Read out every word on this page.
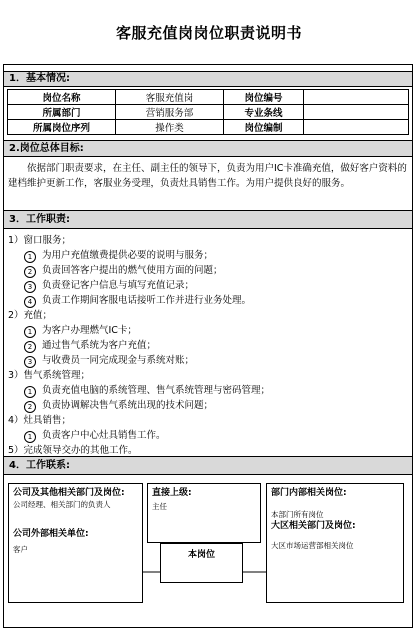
客服充值岗岗位职责说明书
1．基本情况:
岗位名称	客服充值岗	岗位编号	
所属部门	营销服务部	专业条线	
所属岗位序列	操作类	岗位编制	
2.岗位总体目标:
依据部门职责要求，在主任、副主任的领导下，负责为用户IC卡准确充值，做好客户资料的建档维护更新工作，客服业务受理，负责灶具销售工作。为用户提供良好的服务。
3．工作职责:
1）窗口服务；
1 为用户充值缴费提供必要的说明与服务；
2 负责回答客户提出的燃气使用方面的问题；
3 负责登记客户信息与填写充值记录；
4 负责工作期间客服电话接听工作并进行业务处理。
2）充值；
1 为客户办理燃气IC卡；
2 通过售气系统为客户充值；
3 与收费员一同完成现金与系统对账；
3）售气系统管理；
1 负责充值电脑的系统管理、售气系统管理与密码管理；
2 负责协调解决售气系统出现的技术问题；
4）灶具销售；
1 负责客户中心灶具销售工作。
5）完成领导交办的其他工作。
4．工作联系:
公司及其他相关部门及岗位:
公司经理、相关部门的负责人
公司外部相关单位:
客户
直接上级:
主任
部门内部相关岗位:
本部门所有岗位
大区相关部门及岗位:
大区市场运营部相关岗位
本岗位
